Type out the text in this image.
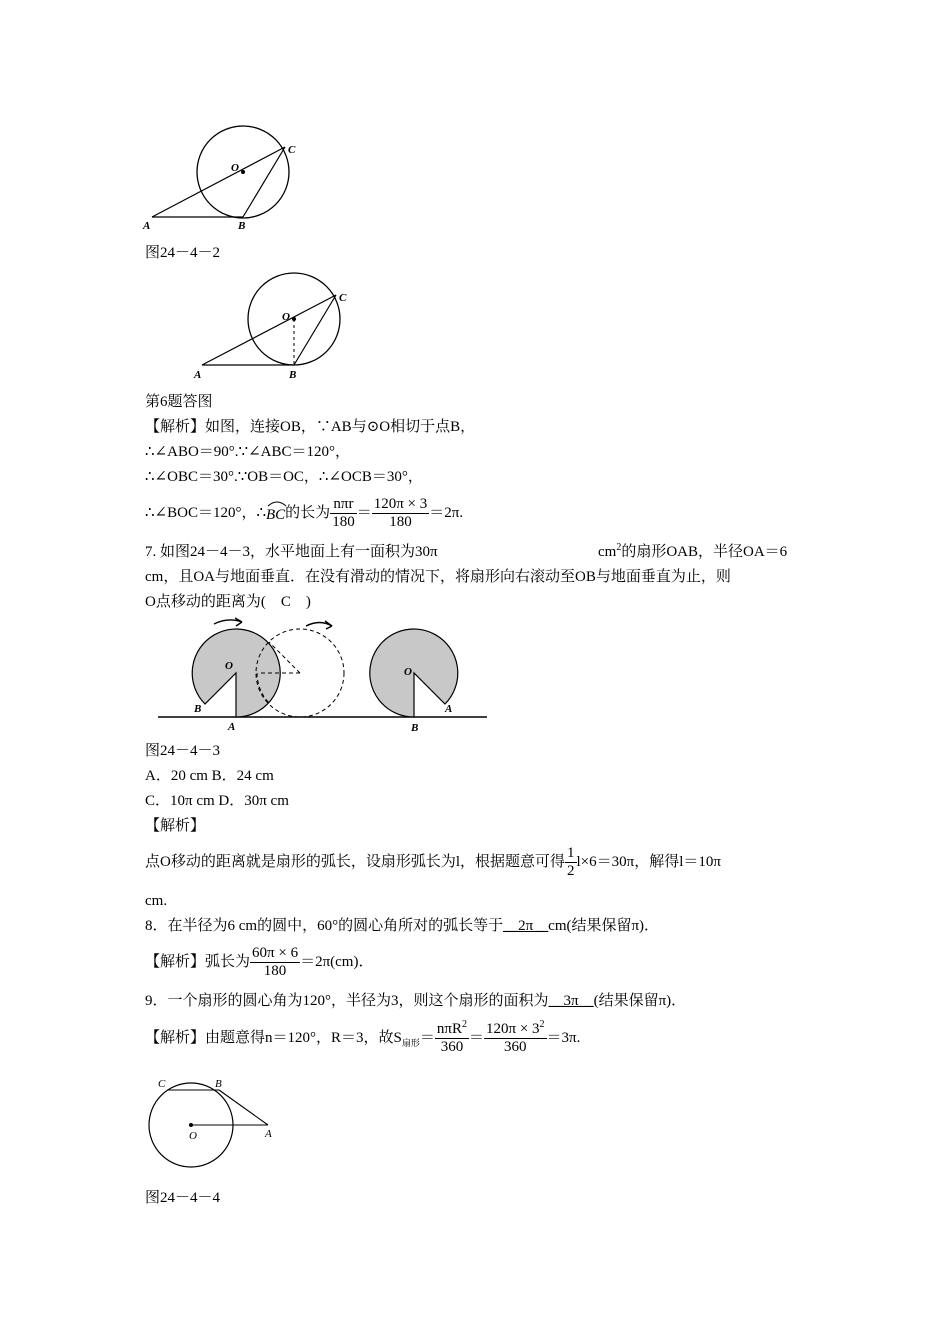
O
C
A	B
图24－4－2
O
C
A	B
第6题答图
【解析】如图，连接OB，∵AB与⊙O相切于点B，
∴∠ABO＝90°.∵∠ABC＝120°，
∴∠OBC＝30°.∵OB＝OC，∴∠OCB＝30°，
∴∠BOC＝120°，∴
BC的长为 $\frac{\text{nπr}}{180} = \frac{120\pi \times 3}{180} =2\pi$.
7. 如图24－4－3，水平地面上有一面积为30π	$cm^2$的扇形OAB，半径OA＝6
cm，且OA与地面垂直．在没有滑动的情况下，将扇形向右滚动至OB与地面垂直为止，则
O点移动的距离为(　C　)
O
B
A
O
B
A
图24－4－3
A．20 cm B．24 cm
C．10π cm D．30π cm
【解析】
点O移动的距离就是扇形的弧长，设扇形弧长为l，根据题意可得 $\frac{1}{2} l\times 6=30\pi$，解得l＝10π
cm.
8．在半径为6 cm的圆中，60°的圆心角所对的弧长等于__2π__cm(结果保留π)．
【解析】弧长为 $\frac{60\pi \times 6}{180} =2\pi(cm)$．
9．一个扇形的圆心角为120°，半径为3，则这个扇形的面积为__3π__(结果保留π)．
【解析】由题意得n＝120°，R＝3，故$S_{扇形}= \frac{n\pi R^2}{360} = \frac{120\pi \times 3^2}{360} =3\pi$.
C	B
O	A
图24－4－4
